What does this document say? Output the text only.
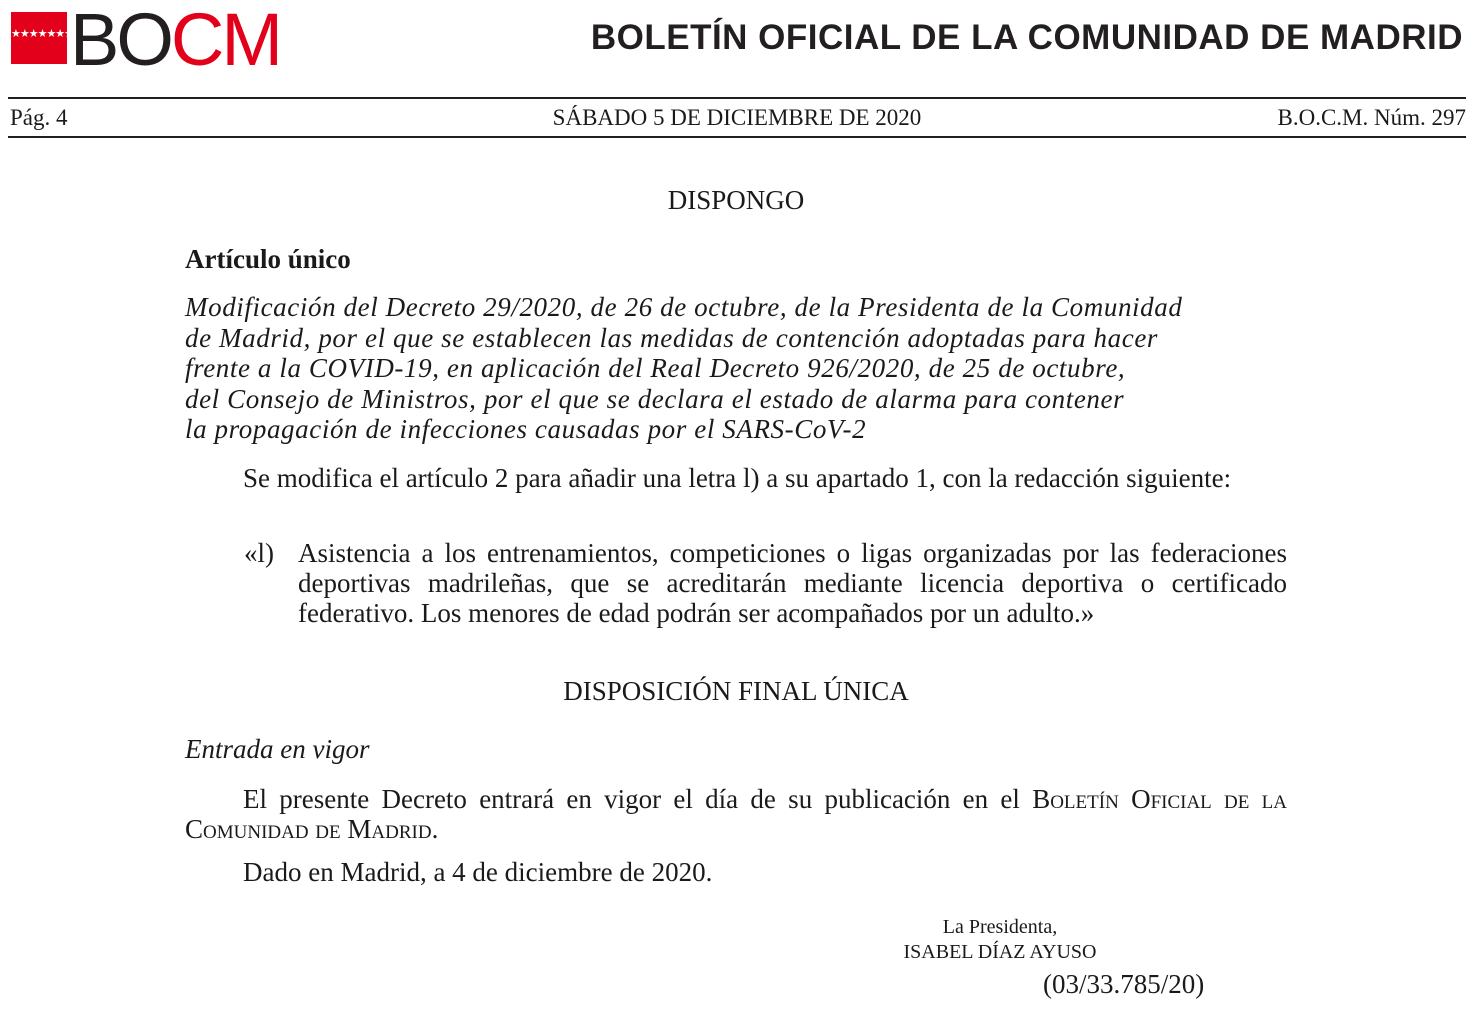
★★★★★★★
BOCM	BOLETÍN OFICIAL DE LA COMUNIDAD DE MADRID
Pág. 4	SÁBADO 5 DE DICIEMBRE DE 2020	B.O.C.M. Núm. 297
DISPONGO
Artículo único
Modificación del Decreto 29/2020, de 26 de octubre, de la Presidenta de la Comunidad
de Madrid, por el que se establecen las medidas de contención adoptadas para hacer
frente a la COVID-19, en aplicación del Real Decreto 926/2020, de 25 de octubre,
del Consejo de Ministros, por el que se declara el estado de alarma para contener
la propagación de infecciones causadas por el SARS-CoV-2
Se modifica el artículo 2 para añadir una letra l) a su apartado 1, con la redacción siguiente:
«l) Asistencia a los entrenamientos, competiciones o ligas organizadas por las federaciones deportivas madrileñas, que se acreditarán mediante licencia deportiva o certificado federativo. Los menores de edad podrán ser acompañados por un adulto.»
DISPOSICIÓN FINAL ÚNICA
Entrada en vigor
El presente Decreto entrará en vigor el día de su publicación en el Boletín Oficial de la Comunidad de Madrid.
Dado en Madrid, a 4 de diciembre de 2020.
La Presidenta,
ISABEL DÍAZ AYUSO
(03/33.785/20)
